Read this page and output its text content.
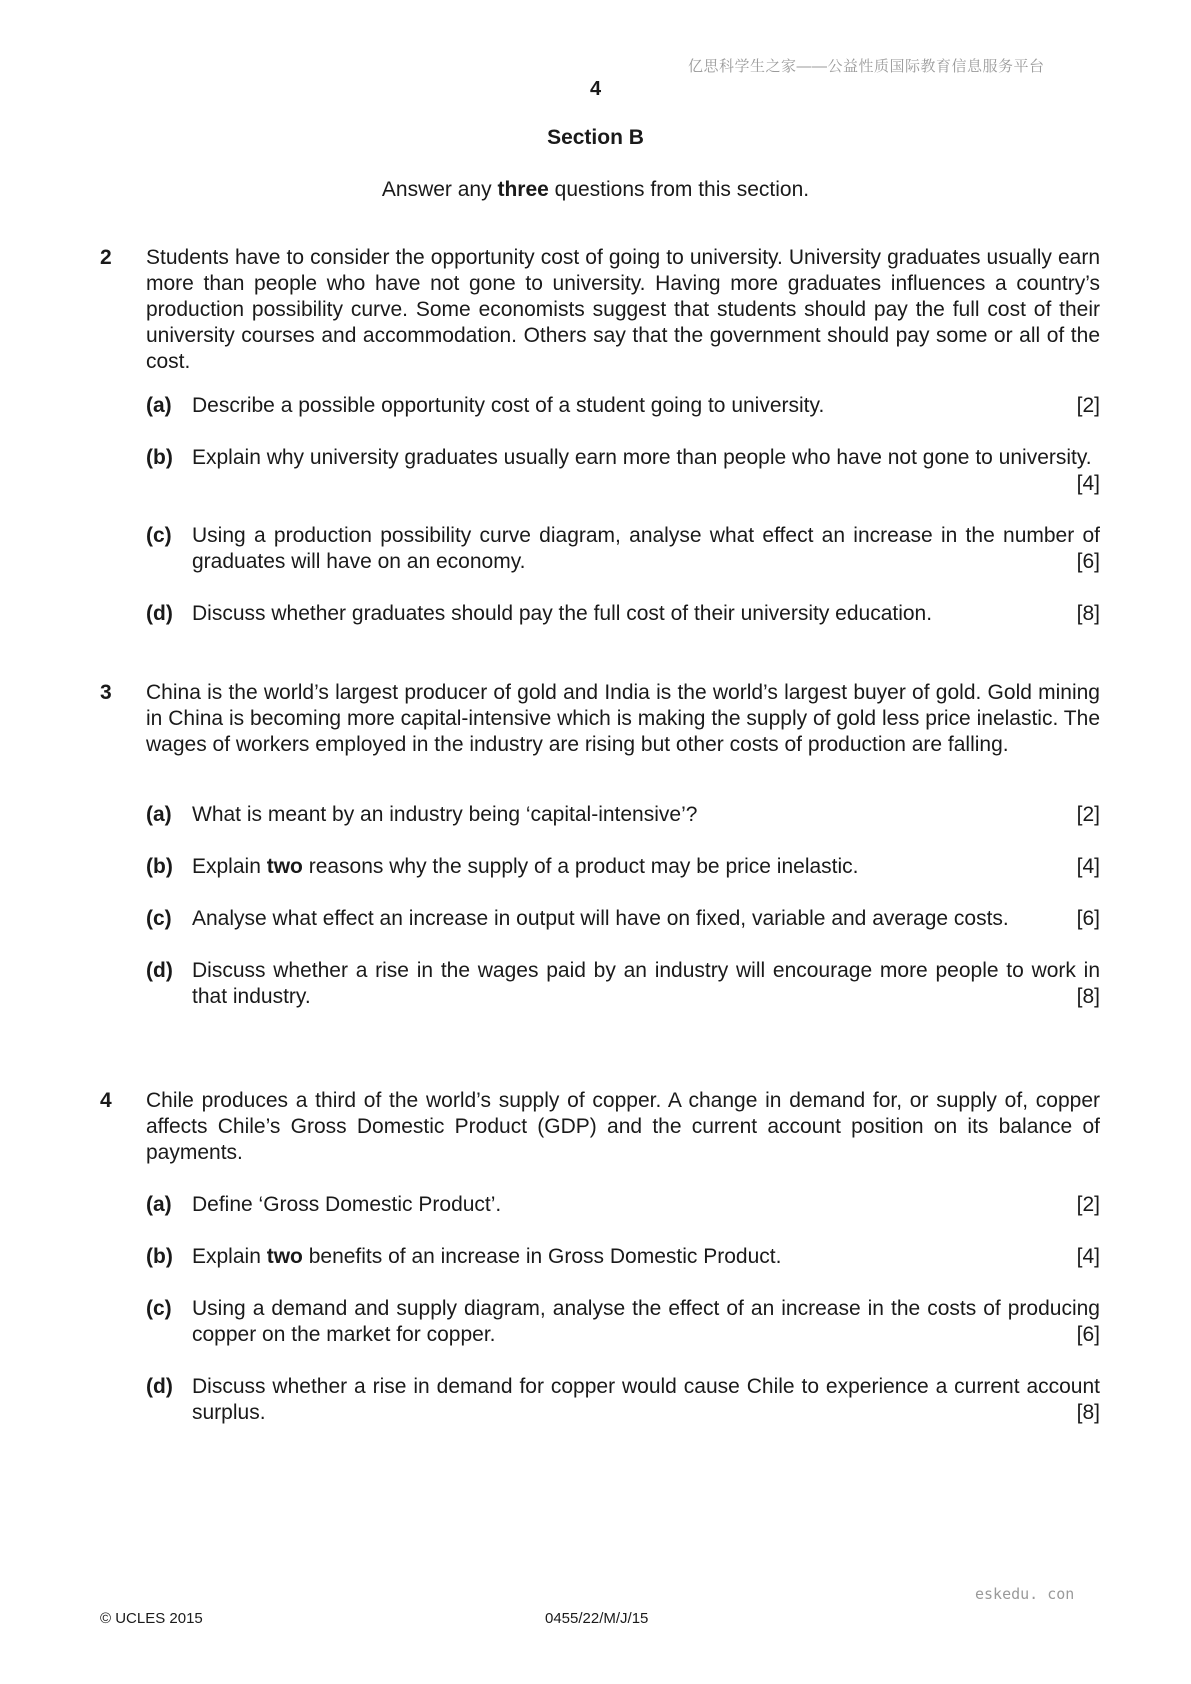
亿思科学生之家——公益性质国际教育信息服务平台
4
Section B
Answer any three questions from this section.
2 Students have to consider the opportunity cost of going to university. University graduates usually earn more than people who have not gone to university. Having more graduates influences a country’s production possibility curve. Some economists suggest that students should pay the full cost of their university courses and accommodation. Others say that the government should pay some or all of the cost.
(a) Describe a possible opportunity cost of a student going to university.	[2]
(b) Explain why university graduates usually earn more than people who have not gone to university.
[4]
(c) Using a production possibility curve diagram, analyse what effect an increase in the number of graduates will have on an economy.	[6]
(d) Discuss whether graduates should pay the full cost of their university education.	[8]
3 China is the world’s largest producer of gold and India is the world’s largest buyer of gold. Gold mining in China is becoming more capital-intensive which is making the supply of gold less price inelastic. The wages of workers employed in the industry are rising but other costs of production are falling.
(a) What is meant by an industry being ‘capital-intensive’?	[2]
(b) Explain two reasons why the supply of a product may be price inelastic.	[4]
(c) Analyse what effect an increase in output will have on fixed, variable and average costs.	[6]
(d) Discuss whether a rise in the wages paid by an industry will encourage more people to work in that industry.	[8]
4 Chile produces a third of the world’s supply of copper. A change in demand for, or supply of, copper affects Chile’s Gross Domestic Product (GDP) and the current account position on its balance of payments.
(a) Define ‘Gross Domestic Product’.	[2]
(b) Explain two benefits of an increase in Gross Domestic Product.	[4]
(c) Using a demand and supply diagram, analyse the effect of an increase in the costs of producing copper on the market for copper.	[6]
(d) Discuss whether a rise in demand for copper would cause Chile to experience a current account surplus.	[8]
eskedu. con
© UCLES 2015	0455/22/M/J/15
